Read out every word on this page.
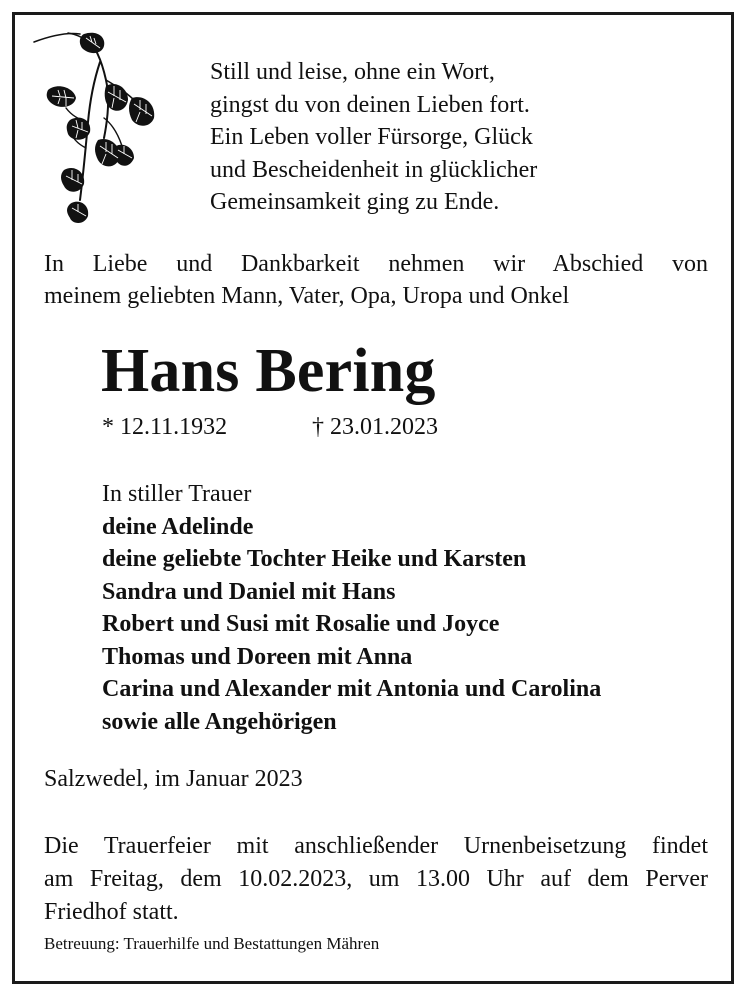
Still und leise, ohne ein Wort,
gingst du von deinen Lieben fort.
Ein Leben voller Fürsorge, Glück
und Bescheidenheit in glücklicher
Gemeinsamkeit ging zu Ende.
In Liebe und Dankbarkeit nehmen wir Abschied von
meinem geliebten Mann, Vater, Opa, Uropa und Onkel
Hans Bering
* 12.11.1932	† 23.01.2023
In stiller Trauer
deine Adelinde
deine geliebte Tochter Heike und Karsten
Sandra und Daniel mit Hans
Robert und Susi mit Rosalie und Joyce
Thomas und Doreen mit Anna
Carina und Alexander mit Antonia und Carolina
sowie alle Angehörigen
Salzwedel, im Januar 2023
Die Trauerfeier mit anschließender Urnenbeisetzung findet
am Freitag, dem 10.02.2023, um 13.00 Uhr auf dem Perver
Friedhof statt.
Betreuung: Trauerhilfe und Bestattungen Mähren
